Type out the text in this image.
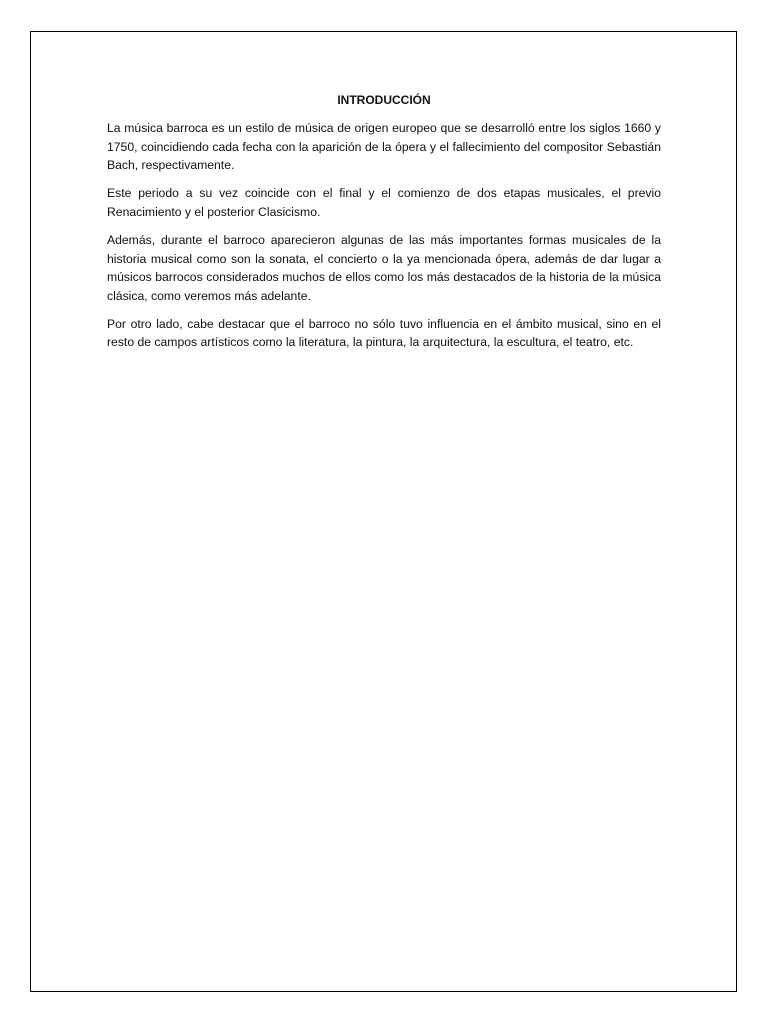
INTRODUCCIÓN

La música barroca es un estilo de música de origen europeo que se desarrolló entre los siglos 1660 y 1750, coincidiendo cada fecha con la aparición de la ópera y el fallecimiento del compositor Sebastián Bach, respectivamente.

Este periodo a su vez coincide con el final y el comienzo de dos etapas musicales, el previo Renacimiento y el posterior Clasicismo.

Además, durante el barroco aparecieron algunas de las más importantes formas musicales de la historia musical como son la sonata, el concierto o la ya mencionada ópera, además de dar lugar a músicos barrocos considerados muchos de ellos como los más destacados de la historia de la música clásica, como veremos más adelante.

Por otro lado, cabe destacar que el barroco no sólo tuvo influencia en el ámbito musical, sino en el resto de campos artísticos como la literatura, la pintura, la arquitectura, la escultura, el teatro, etc.
